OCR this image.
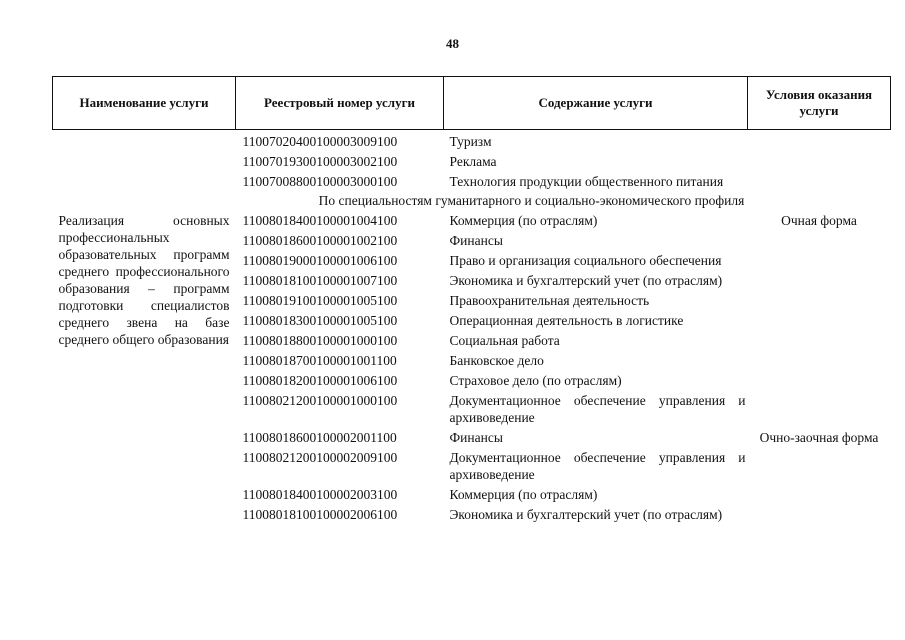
48
Наименование услуги	Реестровый номер услуги	Содержание услуги	Условия оказания услуги
	11007020400100003009100	Туризм	
	11007019300100003002100	Реклама	
	11007008800100003000100	Технология продукции общественного питания	
По специальностям гуманитарного и социально-экономического профиля			
Реализация основных профессиональных образовательных программ среднего профессионального образования – программ подготовки специалистов среднего звена на базе среднего общего образования	11008018400100001004100	Коммерция (по отраслям)	Очная форма
	11008018600100001002100	Финансы	
	11008019000100001006100	Право и организация социального обеспечения	
	11008018100100001007100	Экономика и бухгалтерский учет (по отраслям)	
	11008019100100001005100	Правоохранительная деятельность	
	11008018300100001005100	Операционная деятельность в логистике	
	11008018800100001000100	Социальная работа	
	11008018700100001001100	Банковское дело	
	11008018200100001006100	Страховое дело (по отраслям)	
	11008021200100001000100	Документационное обеспечение управления и архивоведение	
	11008018600100002001100	Финансы	Очно-заочная форма
	11008021200100002009100	Документационное обеспечение управления и архивоведение	
	11008018400100002003100	Коммерция (по отраслям)	
	11008018100100002006100	Экономика и бухгалтерский учет (по отраслям)	
